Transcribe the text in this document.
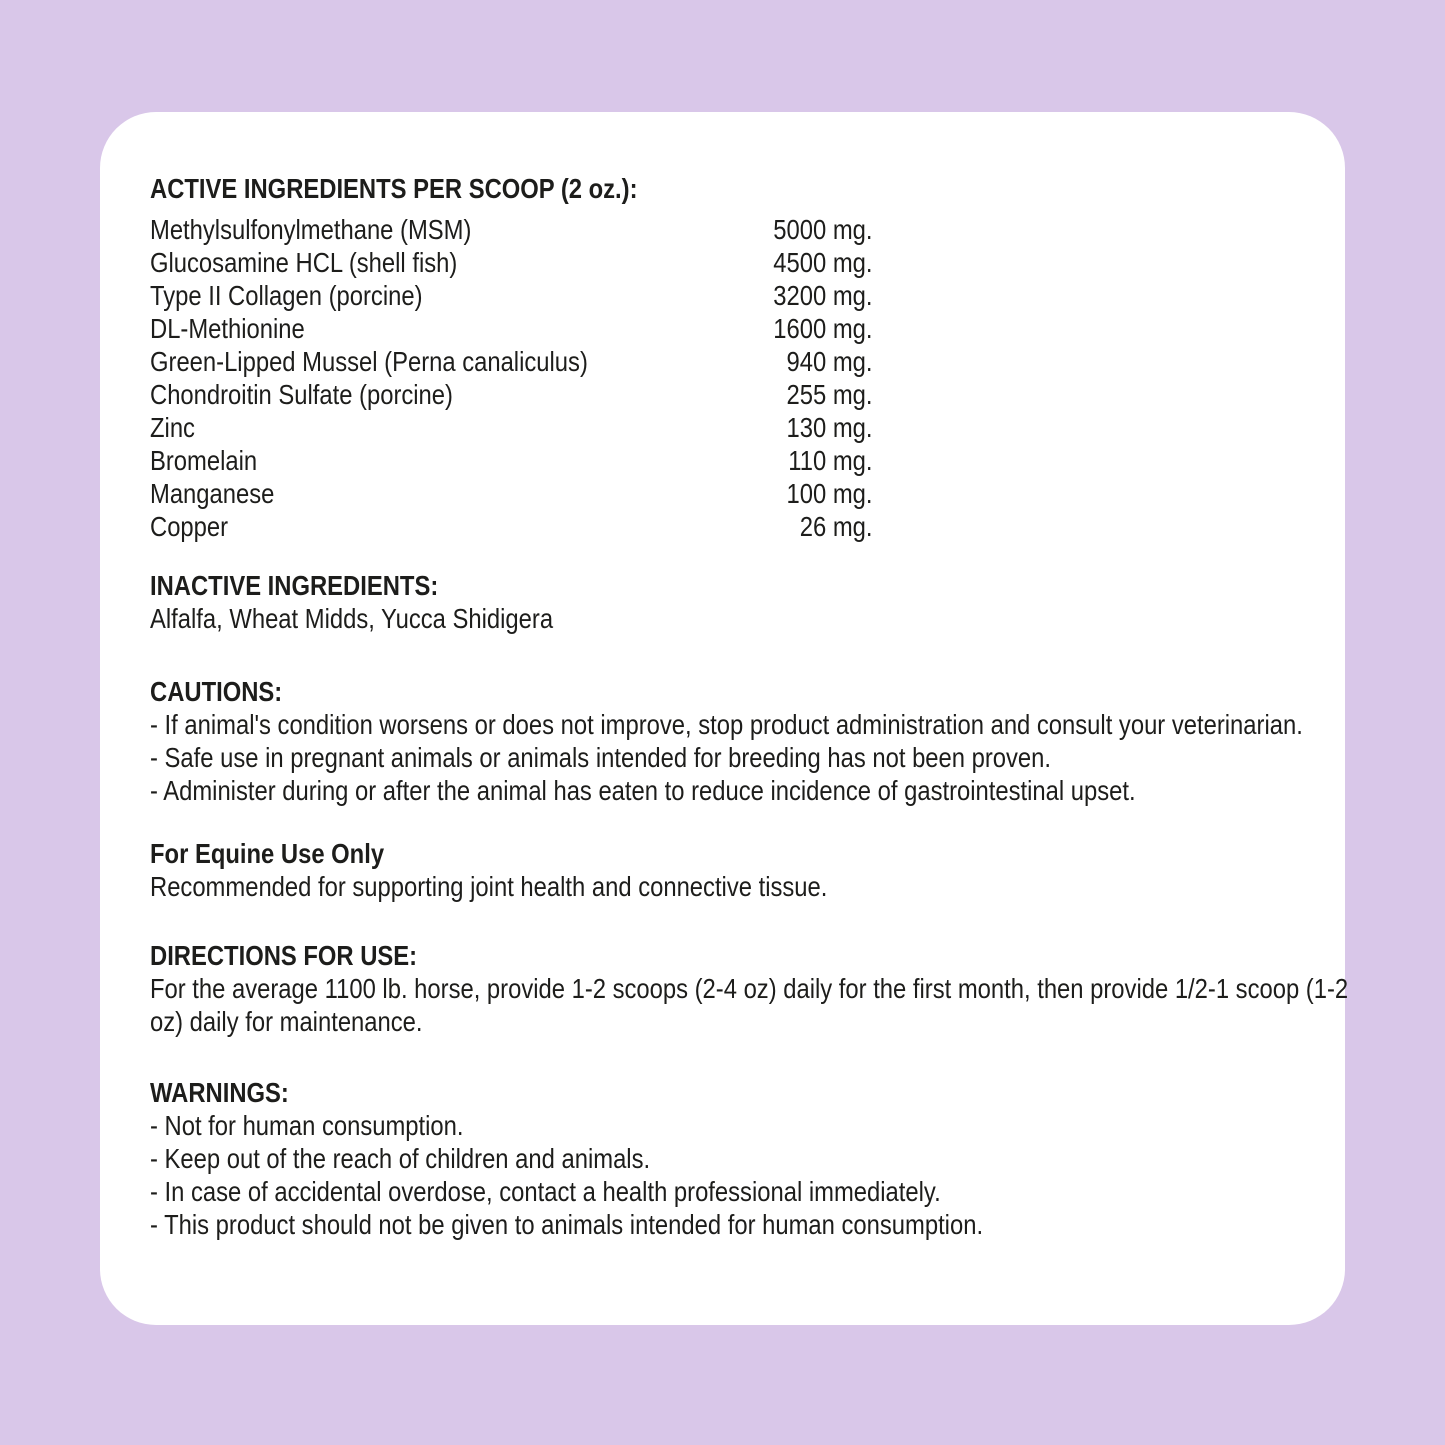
ACTIVE INGREDIENTS PER SCOOP (2 oz.):
Methylsulfonylmethane (MSM)	5000 mg.
Glucosamine HCL (shell fish)	4500 mg.
Type II Collagen (porcine)	3200 mg.
DL-Methionine	1600 mg.
Green-Lipped Mussel (Perna canaliculus)	940 mg.
Chondroitin Sulfate (porcine)	255 mg.
Zinc	130 mg.
Bromelain	110 mg.
Manganese	100 mg.
Copper	26 mg.
INACTIVE INGREDIENTS:

Alfalfa, Wheat Midds, Yucca Shidigera

CAUTIONS:

- If animal's condition worsens or does not improve, stop product administration and consult your veterinarian.

- Safe use in pregnant animals or animals intended for breeding has not been proven.

- Administer during or after the animal has eaten to reduce incidence of gastrointestinal upset.

For Equine Use Only

Recommended for supporting joint health and connective tissue.

DIRECTIONS FOR USE:

For the average 1100 lb. horse, provide 1-2 scoops (2-4 oz) daily for the first month, then provide 1/2-1 scoop (1-2 oz) daily for maintenance.

WARNINGS:

- Not for human consumption.

- Keep out of the reach of children and animals.

- In case of accidental overdose, contact a health professional immediately.

- This product should not be given to animals intended for human consumption.
